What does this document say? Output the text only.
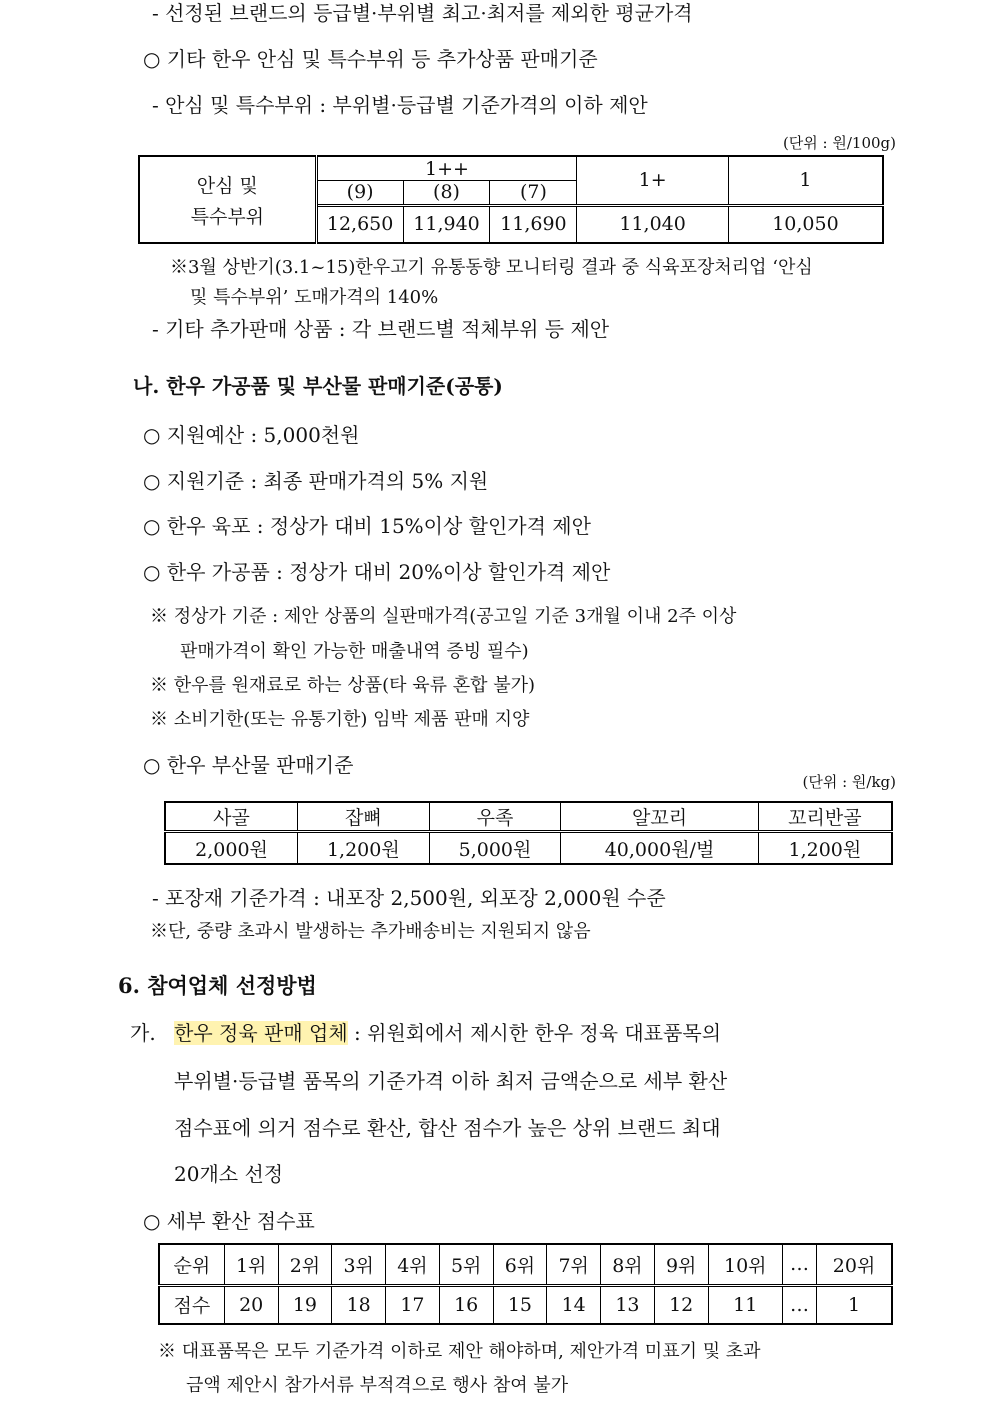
- 선정된 브랜드의 등급별·부위별 최고·최저를 제외한 평균가격
○ 기타 한우 안심 및 특수부위 등 추가상품 판매기준
- 안심 및 특수부위 : 부위별·등급별 기준가격의 이하 제안
(단위 : 원/100g)
안심 및
특수부위	1++			1+	1
	(9)	(8)	(7)		
	12,650	11,940	11,690	11,040	10,050
※3월 상반기(3.1~15)한우고기 유통동향 모니터링 결과 중 식육포장처리업 ‘안심
및 특수부위’ 도매가격의 140%
- 기타 추가판매 상품 : 각 브랜드별 적체부위 등 제안
나. 한우 가공품 및 부산물 판매기준(공통)
○ 지원예산 : 5,000천원
○ 지원기준 : 최종 판매가격의 5% 지원
○ 한우 육포 : 정상가 대비 15%이상 할인가격 제안
○ 한우 가공품 : 정상가 대비 20%이상 할인가격 제안
※ 정상가 기준 : 제안 상품의 실판매가격(공고일 기준 3개월 이내 2주 이상
판매가격이 확인 가능한 매출내역 증빙 필수)
※ 한우를 원재료로 하는 상품(타 육류 혼합 불가)
※ 소비기한(또는 유통기한) 임박 제품 판매 지양
○ 한우 부산물 판매기준
(단위 : 원/kg)
사골	잡뼈	우족	알꼬리	꼬리반골
2,000원	1,200원	5,000원	40,000원/벌	1,200원
- 포장재 기준가격 : 내포장 2,500원, 외포장 2,000원 수준
※단, 중량 초과시 발생하는 추가배송비는 지원되지 않음
6. 참여업체 선정방법
가. 한우 정육 판매 업체 : 위원회에서 제시한 한우 정육 대표품목의
부위별·등급별 품목의 기준가격 이하 최저 금액순으로 세부 환산
점수표에 의거 점수로 환산, 합산 점수가 높은 상위 브랜드 최대
20개소 선정
○ 세부 환산 점수표
순위	1위	2위	3위	4위	5위	6위	7위	8위	9위	10위	…	20위
점수	20	19	18	17	16	15	14	13	12	11	…	1
※ 대표품목은 모두 기준가격 이하로 제안 해야하며, 제안가격 미표기 및 초과
금액 제안시 참가서류 부적격으로 행사 참여 불가
